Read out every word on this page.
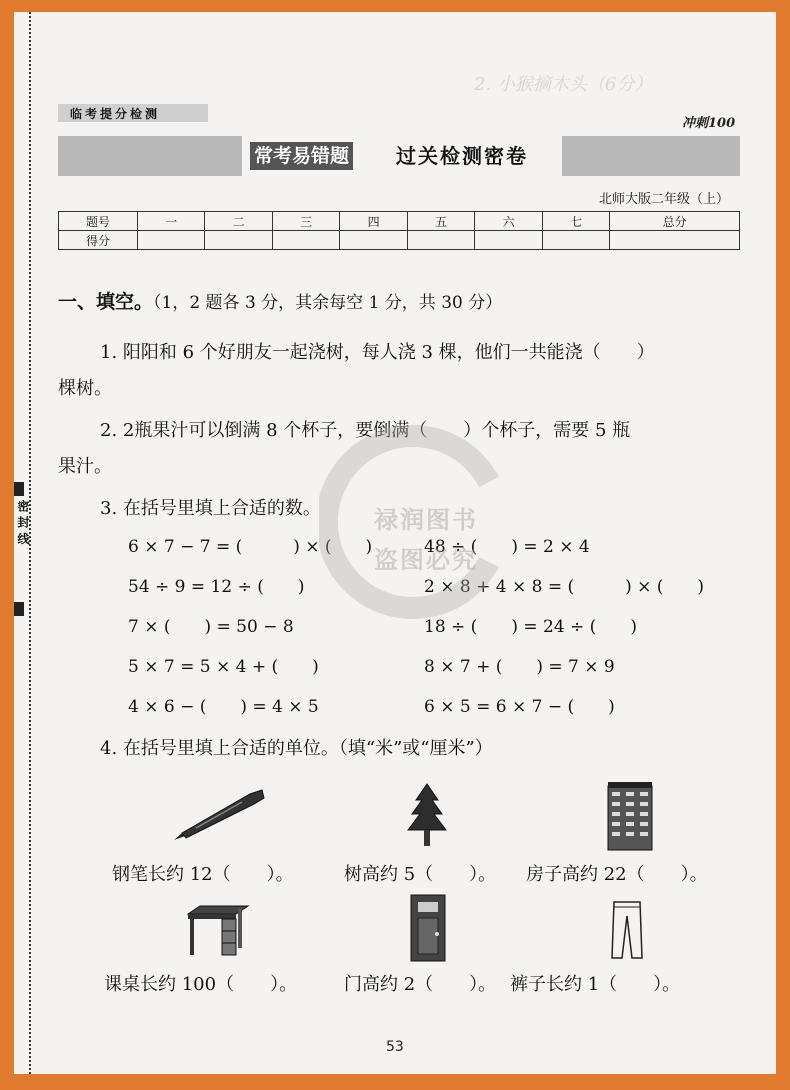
密 封 线
2. 小猴摘木头（6分）
临考提分检测
冲刺100
常考易错题 过关检测密卷
北师大版二年级（上）
题号	一	二	三	四	五	六	七	总分
得分								
一、填空。（1，2 题各 3 分，其余每空 1 分，共 30 分）
1. 阳阳和 6 个好朋友一起浇树，每人浇 3 棵，他们一共能浇（　　）
棵树。
2. 2瓶果汁可以倒满 8 个杯子，要倒满（　　）个杯子，需要 5 瓶
果汁。
3. 在括号里填上合适的数。
6 × 7 − 7 = (　　　) × (　　)	48 ÷ (　　) = 2 × 4
54 ÷ 9 = 12 ÷ (　　)	2 × 8 + 4 × 8 = (　　　) × (　　)
7 × (　　) = 50 − 8	18 ÷ (　　) = 24 ÷ (　　)
5 × 7 = 5 × 4 + (　　)	8 × 7 + (　　) = 7 × 9
4 × 6 − (　　) = 4 × 5	6 × 5 = 6 × 7 − (　　)
4. 在括号里填上合适的单位。（填“米”或“厘米”）
钢笔长约 12（　　）。	树高约 5（　　）。 房子高约 22（　　）。
课桌长约 100（　　）。	门高约 2（　　）。 裤子长约 1（　　）。
禄润图书
盗图必究
53
